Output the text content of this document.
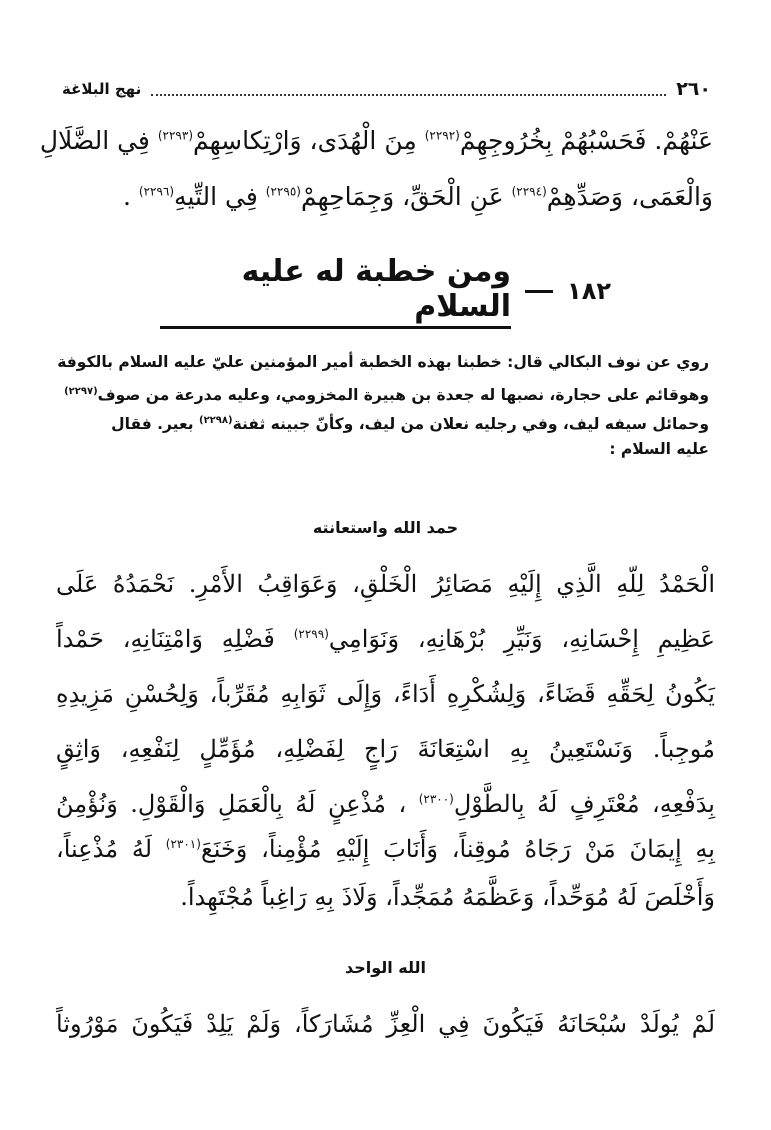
٢٦٠
نهج البلاغة
عَنْهُمْ. فَحَسْبُهُمْ بِخُرُوجِهِمْ$^{(٢٢٩٢)}$ مِنَ الْهُدَى، وَارْتِكاسِهِمْ$^{(٢٢٩٣)}$ فِي الضَّلَالِ
وَالْعَمَى، وَصَدِّهِمْ$^{(٢٢٩٤)}$ عَنِ الْحَقِّ، وَجِمَاحِهِمْ$^{(٢٢٩٥)}$ فِي التِّيهِ$^{(٢٢٩٦)}$ .
١٨٢
ومن خطبة له عليه السلام
روي عن نوف البكالي قال: خطبنا بهذه الخطبة أمير المؤمنين عليّ عليه السلام بالكوفة
وهوقائم على حجارة، نصبها له جعدة بن هبيرة المخزومي، وعليه مدرعة من صوف$^{(٢٢٩٧)}$
وحمائل سيفه ليف، وفي رجليه نعلان من ليف، وكأنّ جبينه ثفنة$^{(٢٢٩٨)}$ بعير. فقال
عليه السلام :
حمد الله واستعانته
الْحَمْدُ لِلّهِ الَّذِي إِلَيْهِ مَصَائِرُ الْخَلْقِ، وَعَوَاقِبُ الأَمْرِ. نَحْمَدُهُ عَلَى
عَظِيمِ إِحْسَانِهِ، وَنَيِّرِ بُرْهَانِهِ، وَنَوَامِي$^{(٢٢٩٩)}$ فَضْلِهِ وَامْتِنَانِهِ، حَمْداً
يَكُونُ لِحَقِّهِ قَضَاءً، وَلِشُكْرِهِ أَدَاءً، وَإِلَى ثَوَابِهِ مُقَرِّباً، وَلِحُسْنِ مَزِيدِهِ
مُوجِباً. وَنَسْتَعِينُ بِهِ اسْتِعَانَةَ رَاجٍ لِفَضْلِهِ، مُؤَمِّلٍ لِنَفْعِهِ، وَاثِقٍ
بِدَفْعِهِ، مُعْتَرِفٍ لَهُ بِالطَّوْلِ$^{(٢٣٠٠)}$ ، مُذْعِنٍ لَهُ بِالْعَمَلِ وَالْقَوْلِ. وَنُؤْمِنُ
بِهِ إِيمَانَ مَنْ رَجَاهُ مُوقِناً، وَأَنَابَ إِلَيْهِ مُؤْمِناً، وَخَنَعَ$^{(٢٣٠١)}$ لَهُ مُذْعِناً،
وَأَخْلَصَ لَهُ مُوَحِّداً، وَعَظَّمَهُ مُمَجِّداً، وَلَاذَ بِهِ رَاغِباً مُجْتَهِداً.
الله الواحد
لَمْ يُولَدْ سُبْحَانَهُ فَيَكُونَ فِي الْعِزِّ مُشَارَكاً، وَلَمْ يَلِدْ فَيَكُونَ مَوْرُوثاً
